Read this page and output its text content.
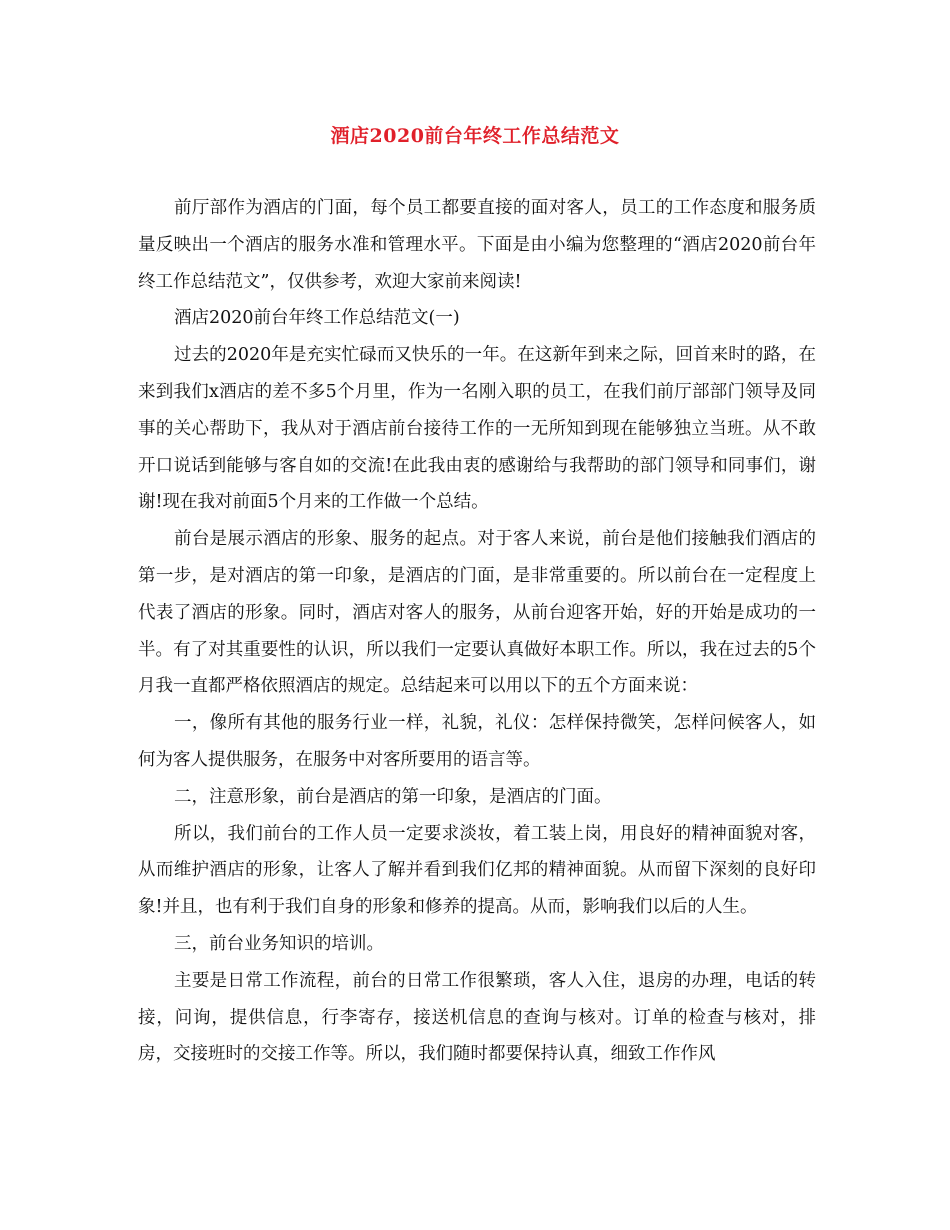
酒店2020前台年终工作总结范文

前厅部作为酒店的门面，每个员工都要直接的面对客人，员工的工作态度和服务质量反映出一个酒店的服务水准和管理水平。下面是由小编为您整理的“酒店2020前台年终工作总结范文”，仅供参考，欢迎大家前来阅读!

酒店2020前台年终工作总结范文(一)

过去的2020年是充实忙碌而又快乐的一年。在这新年到来之际，回首来时的路，在来到我们x酒店的差不多5个月里，作为一名刚入职的员工，在我们前厅部部门领导及同事的关心帮助下，我从对于酒店前台接待工作的一无所知到现在能够独立当班。从不敢开口说话到能够与客自如的交流!在此我由衷的感谢给与我帮助的部门领导和同事们，谢谢!现在我对前面5个月来的工作做一个总结。

前台是展示酒店的形象、服务的起点。对于客人来说，前台是他们接触我们酒店的第一步，是对酒店的第一印象，是酒店的门面，是非常重要的。所以前台在一定程度上代表了酒店的形象。同时，酒店对客人的服务，从前台迎客开始，好的开始是成功的一半。有了对其重要性的认识，所以我们一定要认真做好本职工作。所以，我在过去的5个月我一直都严格依照酒店的规定。总结起来可以用以下的五个方面来说：

一，像所有其他的服务行业一样，礼貌，礼仪：怎样保持微笑，怎样问候客人，如何为客人提供服务，在服务中对客所要用的语言等。

二，注意形象，前台是酒店的第一印象，是酒店的门面。

所以，我们前台的工作人员一定要求淡妆，着工装上岗，用良好的精神面貌对客，从而维护酒店的形象，让客人了解并看到我们亿邦的精神面貌。从而留下深刻的良好印象!并且，也有利于我们自身的形象和修养的提高。从而，影响我们以后的人生。

三，前台业务知识的培训。

主要是日常工作流程，前台的日常工作很繁琐，客人入住，退房的办理，电话的转接，问询，提供信息，行李寄存，接送机信息的查询与核对。订单的检查与核对，排房，交接班时的交接工作等。所以，我们随时都要保持认真，细致工作作风
